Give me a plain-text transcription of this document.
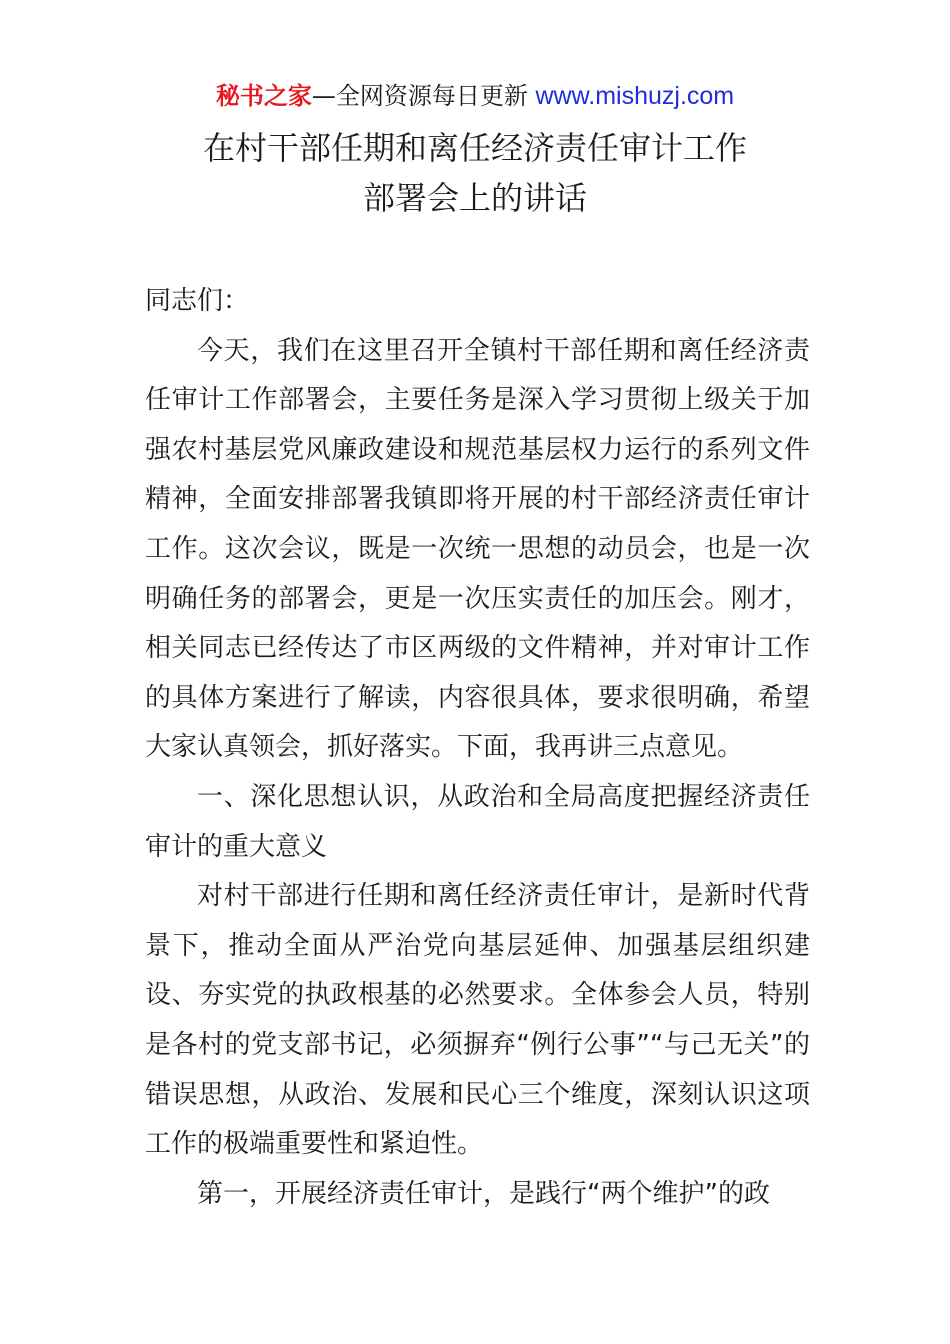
秘书之家—全网资源每日更新 www.mishuzj.com
在村干部任期和离任经济责任审计工作
部署会上的讲话

同志们：

今天，我们在这里召开全镇村干部任期和离任经济责任审计工作部署会，主要任务是深入学习贯彻上级关于加强农村基层党风廉政建设和规范基层权力运行的系列文件精神，全面安排部署我镇即将开展的村干部经济责任审计工作。这次会议，既是一次统一思想的动员会，也是一次明确任务的部署会，更是一次压实责任的加压会。刚才，相关同志已经传达了市区两级的文件精神，并对审计工作的具体方案进行了解读，内容很具体，要求很明确，希望大家认真领会，抓好落实。下面，我再讲三点意见。

一、深化思想认识，从政治和全局高度把握经济责任审计的重大意义

对村干部进行任期和离任经济责任审计，是新时代背景下，推动全面从严治党向基层延伸、加强基层组织建设、夯实党的执政根基的必然要求。全体参会人员，特别是各村的党支部书记，必须摒弃“例行公事”“与己无关”的错误思想，从政治、发展和民心三个维度，深刻认识这项工作的极端重要性和紧迫性。

第一，开展经济责任审计，是践行“两个维护”的政
